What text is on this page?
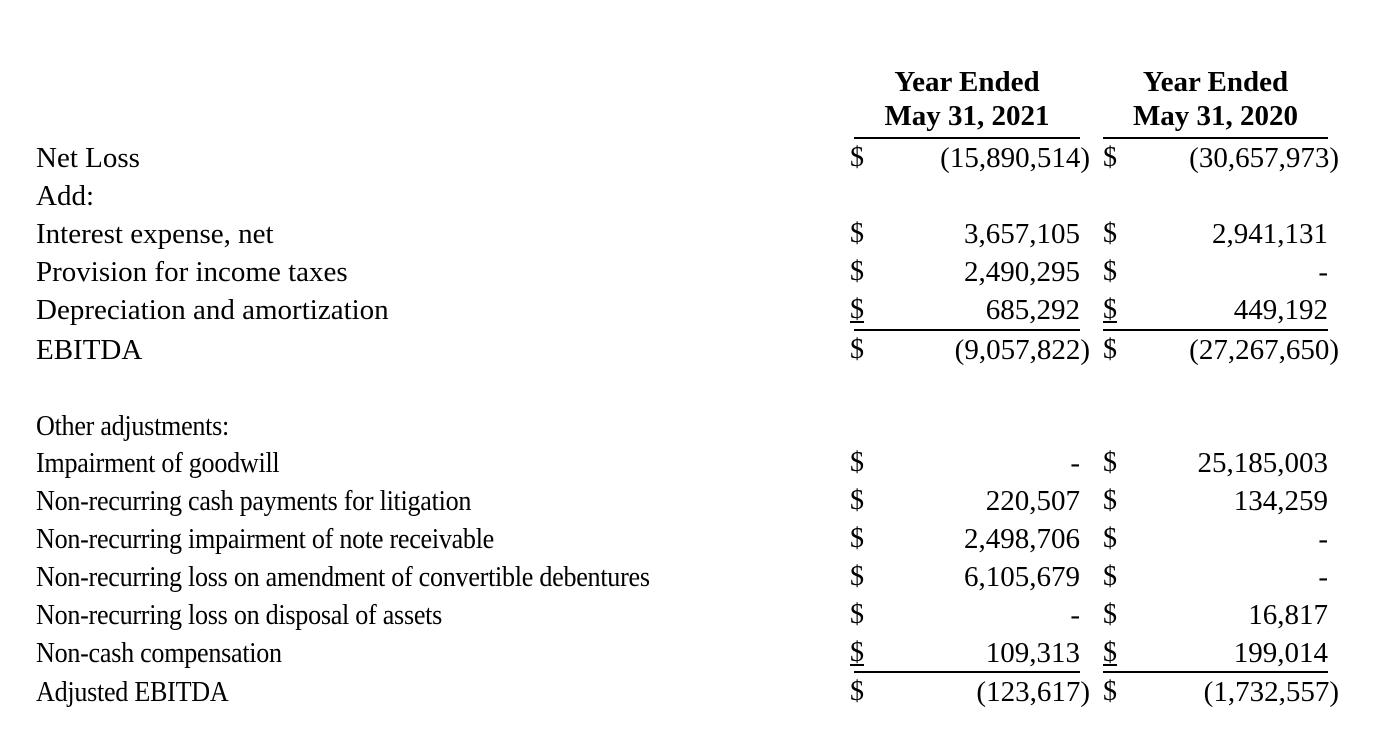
Year Ended
May 31, 2021
Year Ended
May 31, 2020
Net Loss	$	(15,890,514) $ (30,657,973)
Add:
Interest expense, net	$	3,657,105 $	2,941,131
Provision for income taxes	$	2,490,295 $	-
Depreciation and amortization	$	685,292 $	449,192
EBITDA	$	(9,057,822) $ (27,267,650)
Other adjustments:
Impairment of goodwill	$	- $	25,185,003
Non-recurring cash payments for litigation	$	220,507 $	134,259
Non-recurring impairment of note receivable	$	2,498,706 $	-
Non-recurring loss on amendment of convertible debentures	$	6,105,679 $	-
Non-recurring loss on disposal of assets	$	- $	16,817
Non-cash compensation	$	109,313 $	199,014
Adjusted EBITDA	$	(123,617) $	(1,732,557)
